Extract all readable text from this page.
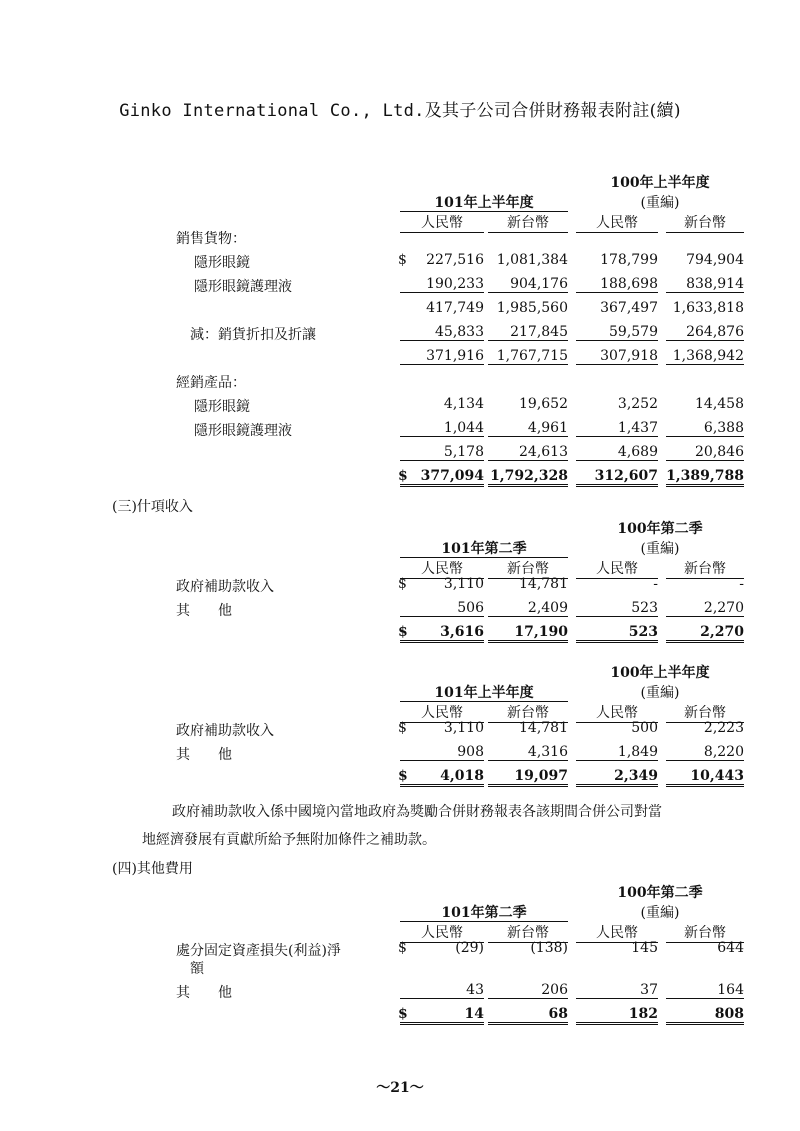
Ginko International Co., Ltd.及其子公司合併財務報表附註(續)
100年上半年度
(重編)
101年上半年度
人民幣	新台幣	人民幣	新台幣
銷售貨物：
隱形眼鏡	227,516 1,081,384	178,799	794,904
$
隱形眼鏡護理液	190,233	904,176	188,698	838,914
417,749 1,985,560	367,497	1,633,818
減：銷貨折扣及折讓	45,833	217,845	59,579	264,876
371,916 1,767,715	307,918	1,368,942
經銷產品：
隱形眼鏡	4,134	19,652	3,252	14,458
隱形眼鏡護理液	1,044	4,961	1,437	6,388
5,178	24,613	4,689	20,846
377,094 1,792,328	312,607 1,389,788
$
(三)什項收入
100年第二季
(重編)
101年第二季
人民幣	新台幣	人民幣	新台幣
政府補助款收入	3,110	14,781	-	-
$
其　　他	506	2,409	523	2,270
3,616	17,190	523	2,270
$
100年上半年度
(重編)
101年上半年度
人民幣	新台幣	人民幣	新台幣
政府補助款收入	3,110	14,781	500	2,223
$
其　　他	908	4,316	1,849	8,220
4,018	19,097	2,349	10,443
$
政府補助款收入係中國境內當地政府為獎勵合併財務報表各該期間合併公司對當
地經濟發展有貢獻所給予無附加條件之補助款。
(四)其他費用
100年第二季
(重編)
101年第二季
人民幣	新台幣	人民幣	新台幣
處分固定資產損失(利益)淨
額
(29)	(138)	145	644
$
其　　他	43	206	37	164
14	68	182	808
$
～21～
